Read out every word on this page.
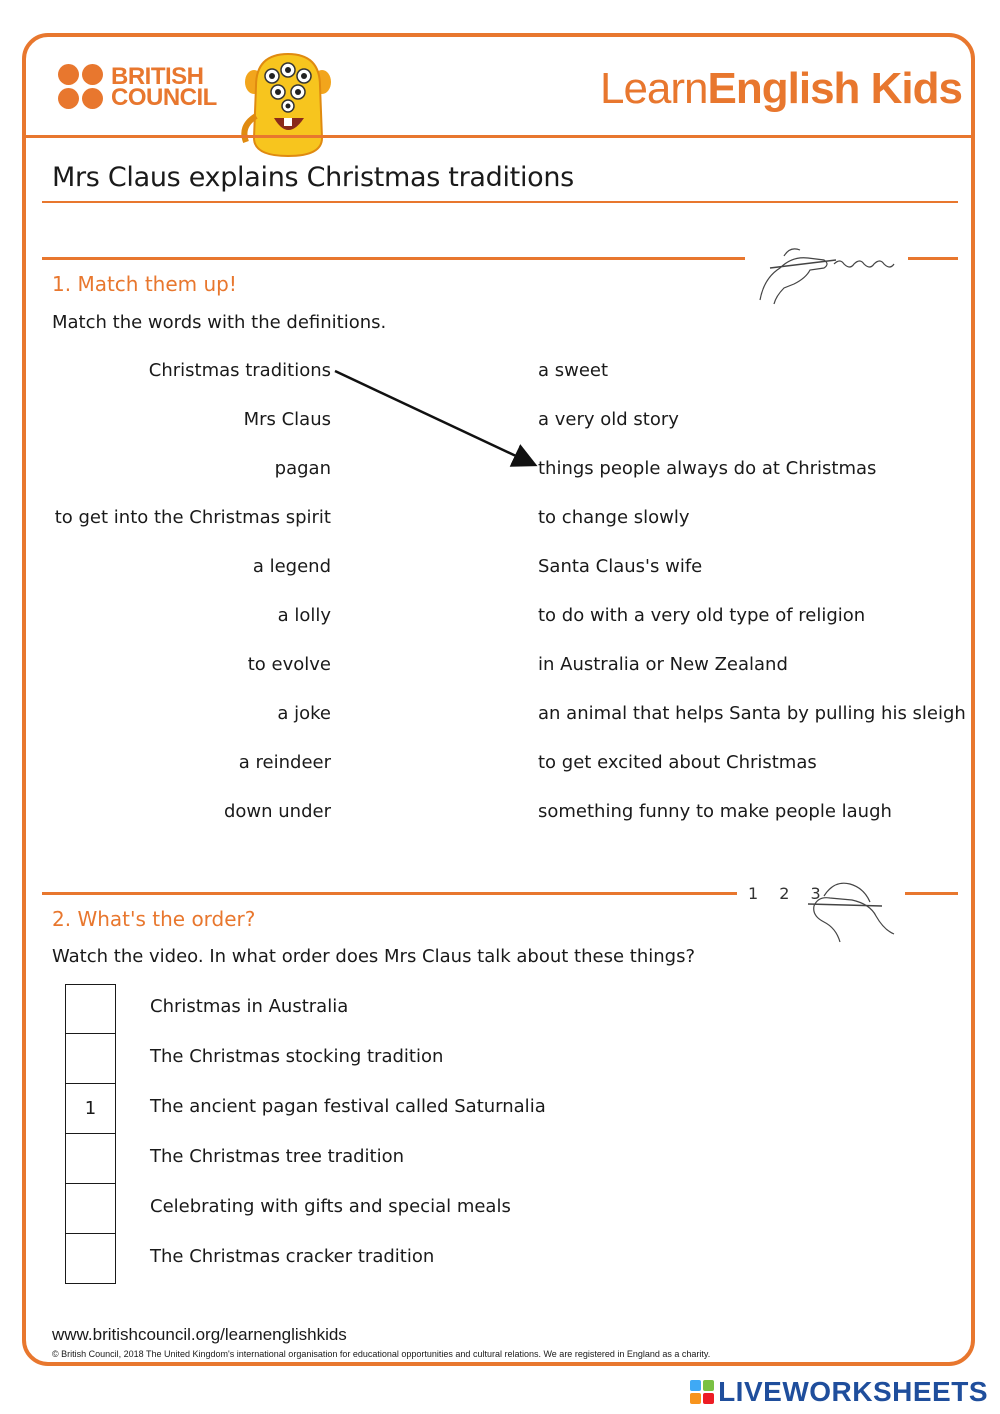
BRITISH
COUNCIL	LearnEnglish Kids
Mrs Claus explains Christmas traditions
1. Match them up!
Match the words with the definitions.
Christmas traditions
Mrs Claus
pagan
to get into the Christmas spirit
a legend
a lolly
to evolve
a joke
a reindeer
down under
a sweet
a very old story
things people always do at Christmas
to change slowly
Santa Claus's wife
to do with a very old type of religion
in Australia or New Zealand
an animal that helps Santa by pulling his sleigh
to get excited about Christmas
something funny to make people laugh
1 2 3
2. What's the order?
Watch the video. In what order does Mrs Claus talk about these things?
Christmas in Australia
The Christmas stocking tradition
1	The ancient pagan festival called Saturnalia
The Christmas tree tradition
Celebrating with gifts and special meals
The Christmas cracker tradition
www.britishcouncil.org/learnenglishkids
© British Council, 2018 The United Kingdom's international organisation for educational opportunities and cultural relations. We are registered in England as a charity.
LIVEWORKSHEETS
